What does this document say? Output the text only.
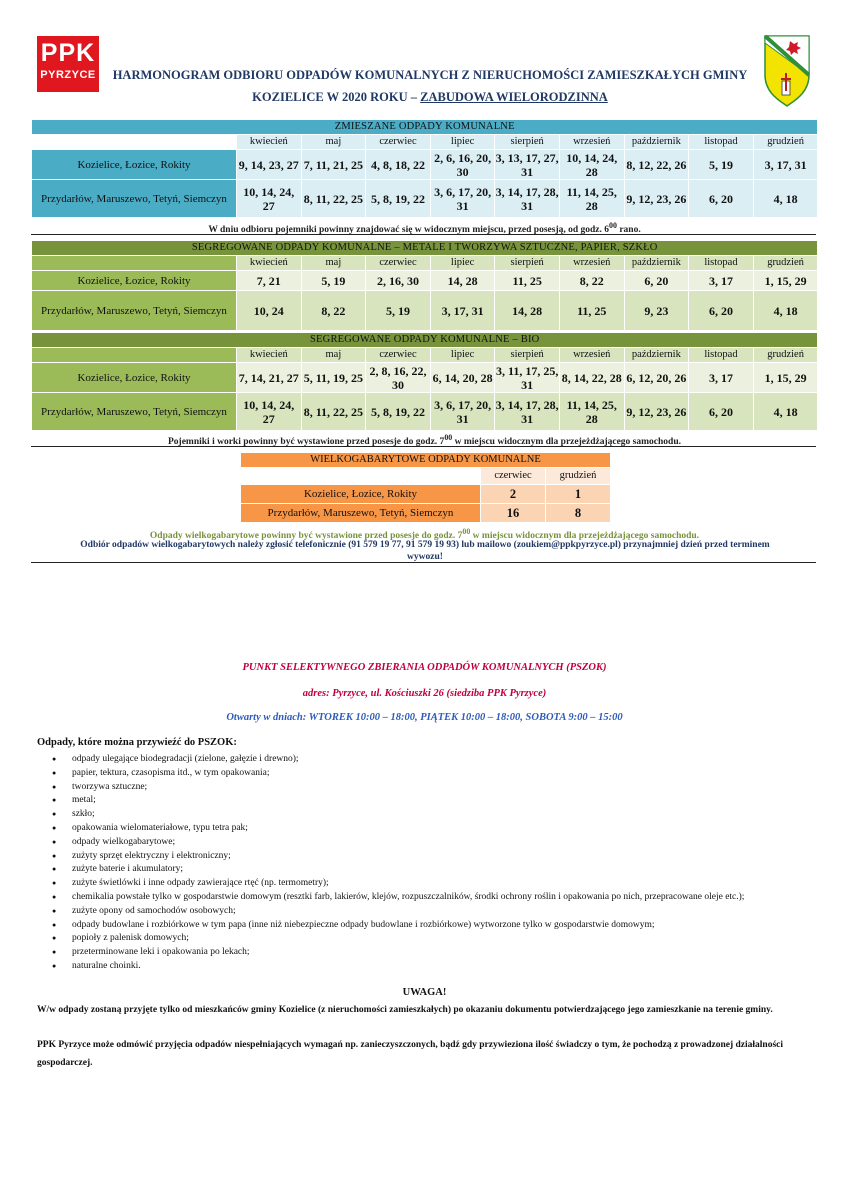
PPK
PYRZYCE HARMONOGRAM ODBIORU ODPADÓW KOMUNALNYCH Z NIERUCHOMOŚCI ZAMIESZKAŁYCH GMINY
KOZIELICE W 2020 ROKU – ZABUDOWA WIELORODZINNA
ZMIESZANE ODPADY KOMUNALNE									
	kwiecień	maj	czerwiec	lipiec	sierpień	wrzesień	październik	listopad	grudzień
Kozielice, Łozice, Rokity	9, 14, 23, 27	7, 11, 21, 25	4, 8, 18, 22	2, 6, 16, 20, 30	3, 13, 17, 27, 31	10, 14, 24, 28	8, 12, 22, 26	5, 19	3, 17, 31
Przydarłów, Maruszewo, Tetyń, Siemczyn	10, 14, 24, 27	8, 11, 22, 25	5, 8, 19, 22	3, 6, 17, 20, 31	3, 14, 17, 28, 31	11, 14, 25, 28	9, 12, 23, 26	6, 20	4, 18
W dniu odbioru pojemniki powinny znajdować się w widocznym miejscu, przed posesją, od godz. $6^{00}$ rano.
SEGREGOWANE ODPADY KOMUNALNE – METALE I TWORZYWA SZTUCZNE, PAPIER, SZKŁO									
	kwiecień	maj	czerwiec	lipiec	sierpień	wrzesień	październik	listopad	grudzień
Kozielice, Łozice, Rokity	7, 21	5, 19	2, 16, 30	14, 28	11, 25	8, 22	6, 20	3, 17	1, 15, 29
Przydarłów, Maruszewo, Tetyń, Siemczyn	10, 24	8, 22	5, 19	3, 17, 31	14, 28	11, 25	9, 23	6, 20	4, 18
SEGREGOWANE ODPADY KOMUNALNE – BIO									
	kwiecień	maj	czerwiec	lipiec	sierpień	wrzesień	październik	listopad	grudzień
Kozielice, Łozice, Rokity	7, 14, 21, 27	5, 11, 19, 25	2, 8, 16, 22, 30	6, 14, 20, 28	3, 11, 17, 25, 31	8, 14, 22, 28	6, 12, 20, 26	3, 17	1, 15, 29
Przydarłów, Maruszewo, Tetyń, Siemczyn	10, 14, 24, 27	8, 11, 22, 25	5, 8, 19, 22	3, 6, 17, 20, 31	3, 14, 17, 28, 31	11, 14, 25, 28	9, 12, 23, 26	6, 20	4, 18
Pojemniki i worki powinny być wystawione przed posesje do godz. $7^{00}$ w miejscu widocznym dla przejeżdżającego samochodu.
WIELKOGABARYTOWE ODPADY KOMUNALNE		
	czerwiec	grudzień
Kozielice, Łozice, Rokity	2	1
Przydarłów, Maruszewo, Tetyń, Siemczyn	16	8
Odpady wielkogabarytowe powinny być wystawione przed posesje do godz. $7^{00}$ w miejscu widocznym dla przejeżdżającego samochodu.
Odbiór odpadów wielkogabarytowych należy zgłosić telefonicznie (91 579 19 77, 91 579 19 93) lub mailowo (zoukiem@ppkpyrzyce.pl) przynajmniej dzień przed terminem wywozu!
PUNKT SELEKTYWNEGO ZBIERANIA ODPADÓW KOMUNALNYCH (PSZOK)
adres: Pyrzyce, ul. Kościuszki 26 (siedziba PPK Pyrzyce)
Otwarty w dniach: WTOREK 10:00 – 18:00, PIĄTEK 10:00 – 18:00, SOBOTA 9:00 – 15:00
Odpady, które można przywieźć do PSZOK:
● odpady ulegające biodegradacji (zielone, gałęzie i drewno);
● papier, tektura, czasopisma itd., w tym opakowania;
● tworzywa sztuczne;
● metal;
● szkło;
● opakowania wielomateriałowe, typu tetra pak;
● odpady wielkogabarytowe;
● zużyty sprzęt elektryczny i elektroniczny;
● zużyte baterie i akumulatory;
● zużyte świetlówki i inne odpady zawierające rtęć (np. termometry);
● chemikalia powstałe tylko w gospodarstwie domowym (resztki farb, lakierów, klejów, rozpuszczalników, środki ochrony roślin i opakowania po nich, przepracowane oleje etc.);
● zużyte opony od samochodów osobowych;
● odpady budowlane i rozbiórkowe w tym papa (inne niż niebezpieczne odpady budowlane i rozbiórkowe) wytworzone tylko w gospodarstwie domowym;
● popioły z palenisk domowych;
● przeterminowane leki i opakowania po lekach;
● naturalne choinki.
UWAGA!
W/w odpady zostaną przyjęte tylko od mieszkańców gminy Kozielice (z nieruchomości zamieszkałych) po okazaniu dokumentu potwierdzającego jego zamieszkanie na terenie gminy.
PPK Pyrzyce może odmówić przyjęcia odpadów niespełniających wymagań np. zanieczyszczonych, bądź gdy przywieziona ilość świadczy o tym, że pochodzą z prowadzonej działalności gospodarczej.
